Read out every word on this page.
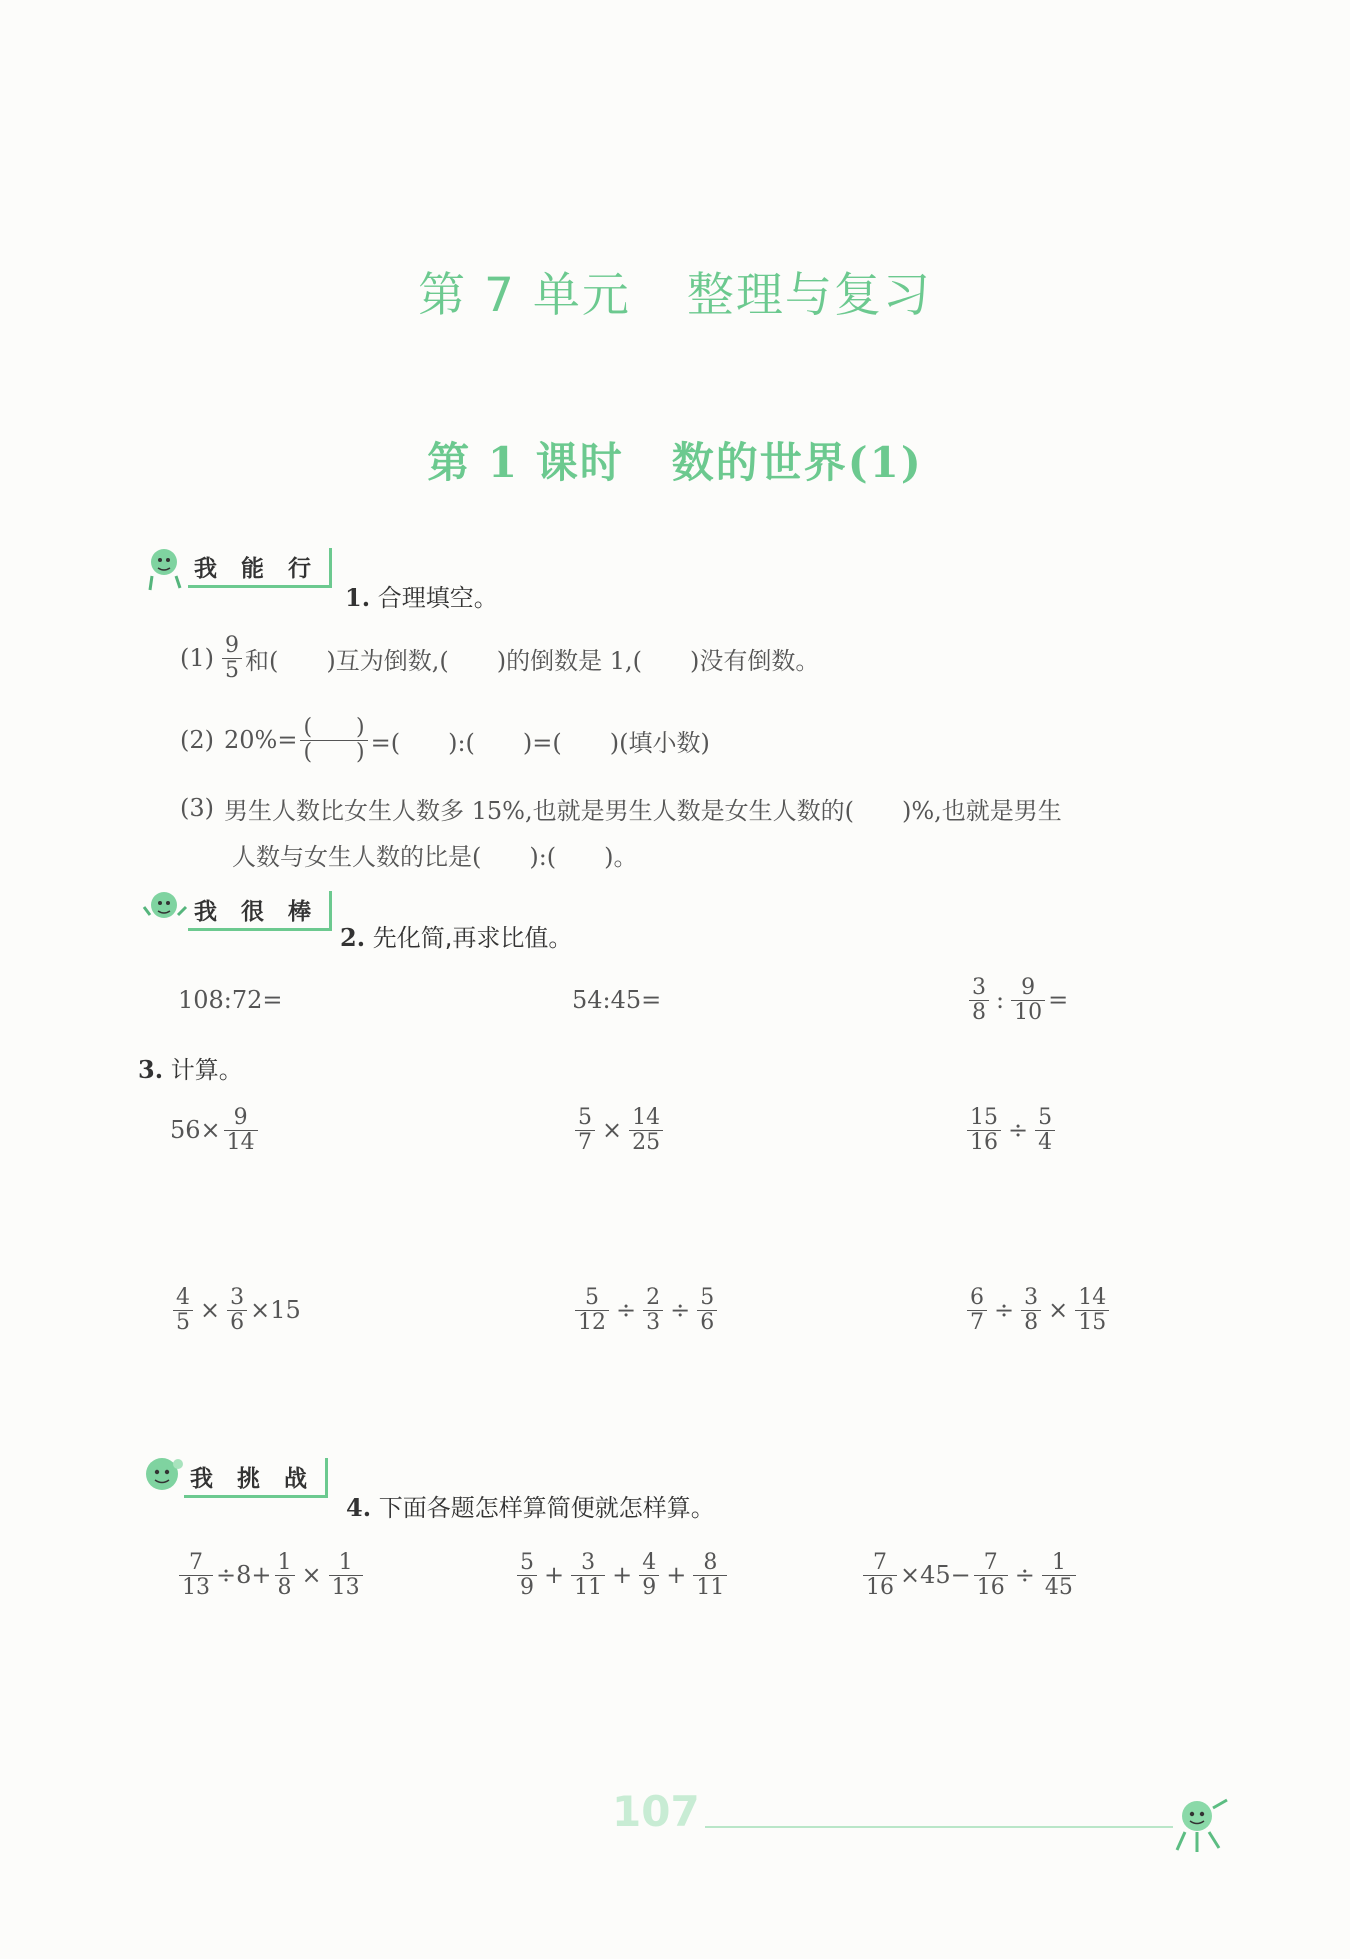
第 7 单元 整理与复习
第 1 课时 数的世界(1)
我 能 行
1. 合理填空。
$(1) \frac{9}{5}$ 和(　　)互为倒数,(　　)的倒数是 1,(　　)没有倒数。
(2) $20\%= \frac{( )}{( )}$ =(　　):(　　)=(　　)(填小数)
(3) 男生人数比女生人数多 15%,也就是男生人数是女生人数的(　　)%,也就是男生
人数与女生人数的比是(　　):(　　)。
我 很 棒
2. 先化简,再求比值。
108:72=	54:45=	$\frac{3}{8}$ : $\frac{9}{10}$ =
3. 计算。
$56\times \frac{9}{14}$	$\frac{5}{7} \times \frac{14}{25}$	$\frac{15}{16} \div \frac{5}{4}$
$\frac{4}{5} \times \frac{3}{6} \times 15$	$\frac{5}{12} \div \frac{2}{3} \div \frac{5}{6}$	$\frac{6}{7} \div \frac{3}{8} \times \frac{14}{15}$
我 挑 战
4. 下面各题怎样算简便就怎样算。
$\frac{7}{13} \div 8+ \frac{1}{8} \times \frac{1}{13}$	$\frac{5}{9} + \frac{3}{11} + \frac{4}{9} + \frac{8}{11}$	$\frac{7}{16} \times 45- \frac{7}{16} \div \frac{1}{45}$
107
